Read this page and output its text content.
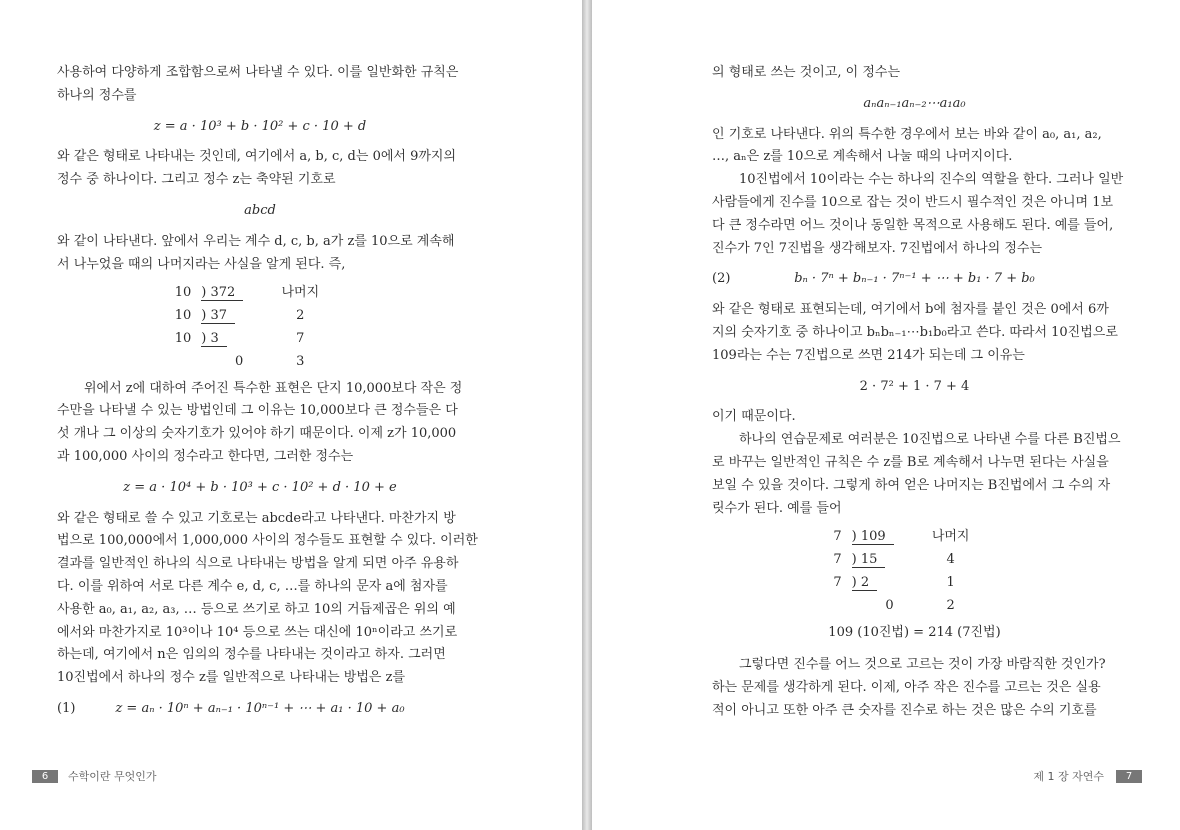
사용하여 다양하게 조합함으로써 나타낼 수 있다. 이를 일반화한 규칙은

하나의 정수를

z = a · 10³ + b · 10² + c · 10 + d

와 같은 형태로 나타내는 것인데, 여기에서 a, b, c, d는 0에서 9까지의

정수 중 하나이다. 그리고 정수 z는 축약된 기호로

abcd

와 같이 나타낸다. 앞에서 우리는 계수 d, c, b, a가 z를 10으로 계속해

서 나누었을 때의 나머지라는 사실을 알게 된다. 즉,

10	) 372	나머지
10	) 37	2
10	) 3	7
	0	3

위에서 z에 대하여 주어진 특수한 표현은 단지 10,000보다 작은 정

수만을 나타낼 수 있는 방법인데 그 이유는 10,000보다 큰 정수들은 다

섯 개나 그 이상의 숫자기호가 있어야 하기 때문이다. 이제 z가 10,000

과 100,000 사이의 정수라고 한다면, 그러한 정수는

z = a · 10⁴ + b · 10³ + c · 10² + d · 10 + e

와 같은 형태로 쓸 수 있고 기호로는 abcde라고 나타낸다. 마찬가지 방

법으로 100,000에서 1,000,000 사이의 정수들도 표현할 수 있다. 이러한

결과를 일반적인 하나의 식으로 나타내는 방법을 알게 되면 아주 유용하

다. 이를 위하여 서로 다른 계수 e, d, c, …를 하나의 문자 a에 첨자를

사용한 a₀, a₁, a₂, a₃, … 등으로 쓰기로 하고 10의 거듭제곱은 위의 예

에서와 마찬가지로 10³이나 10⁴ 등으로 쓰는 대신에 10ⁿ이라고 쓰기로

하는데, 여기에서 n은 임의의 정수를 나타내는 것이라고 하자. 그러면

10진법에서 하나의 정수 z를 일반적으로 나타내는 방법은 z를

(1)	z = aₙ · 10ⁿ + aₙ₋₁ · 10ⁿ⁻¹ + ⋯ + a₁ · 10 + a₀
6	수학이란 무엇인가

의 형태로 쓰는 것이고, 이 정수는

aₙaₙ₋₁aₙ₋₂⋯a₁a₀

인 기호로 나타낸다. 위의 특수한 경우에서 보는 바와 같이 a₀, a₁, a₂,

…, aₙ은 z를 10으로 계속해서 나눌 때의 나머지이다.

10진법에서 10이라는 수는 하나의 진수의 역할을 한다. 그러나 일반

사람들에게 진수를 10으로 잡는 것이 반드시 필수적인 것은 아니며 1보

다 큰 정수라면 어느 것이나 동일한 목적으로 사용해도 된다. 예를 들어,

진수가 7인 7진법을 생각해보자. 7진법에서 하나의 정수는

(2)	bₙ · 7ⁿ + bₙ₋₁ · 7ⁿ⁻¹ + ⋯ + b₁ · 7 + b₀

와 같은 형태로 표현되는데, 여기에서 b에 첨자를 붙인 것은 0에서 6까

지의 숫자기호 중 하나이고 bₙbₙ₋₁⋯b₁b₀라고 쓴다. 따라서 10진법으로

109라는 수는 7진법으로 쓰면 214가 되는데 그 이유는

2 · 7² + 1 · 7 + 4

이기 때문이다.

하나의 연습문제로 여러분은 10진법으로 나타낸 수를 다른 B진법으

로 바꾸는 일반적인 규칙은 수 z를 B로 계속해서 나누면 된다는 사실을

보일 수 있을 것이다. 그렇게 하여 얻은 나머지는 B진법에서 그 수의 자

릿수가 된다. 예를 들어

7	) 109	나머지
7	) 15	4
7	) 2	1
	0	2
109 (10진법) = 214 (7진법)

그렇다면 진수를 어느 것으로 고르는 것이 가장 바람직한 것인가?

하는 문제를 생각하게 된다. 이제, 아주 작은 진수를 고르는 것은 실용

적이 아니고 또한 아주 큰 숫자를 진수로 하는 것은 많은 수의 기호를

제 1 장 자연수	7
